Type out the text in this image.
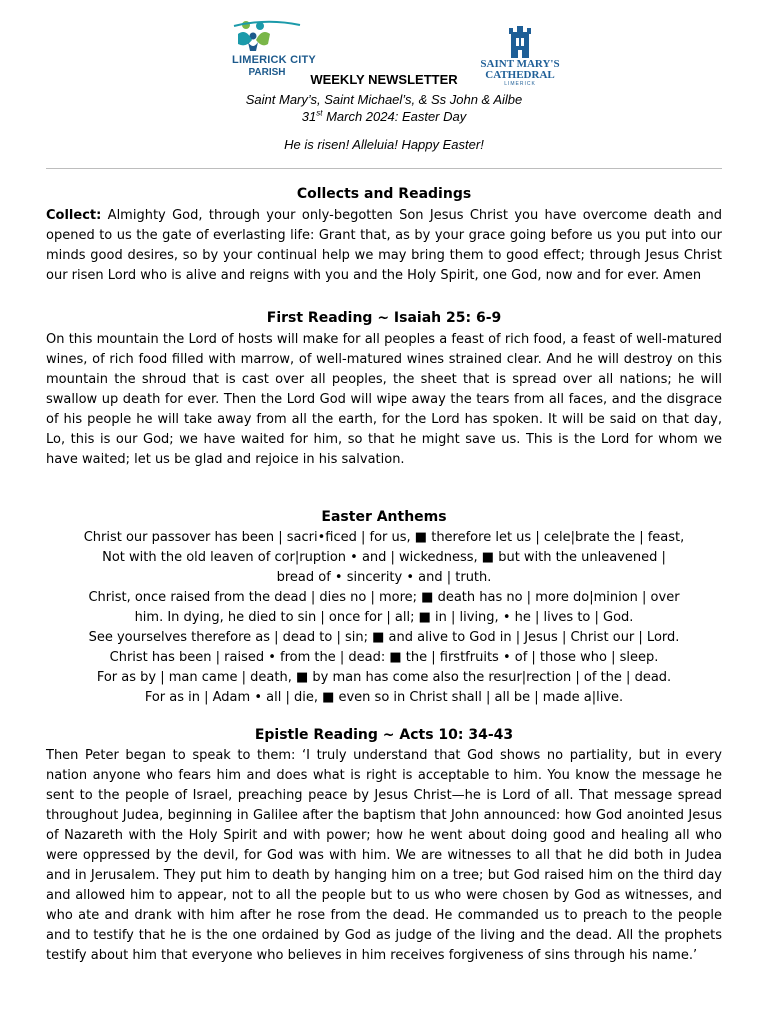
LIMERICK CITY
PARISH
SAINT MARY'S
CATHEDRAL
LIMERICK
WEEKLY NEWSLETTER
Saint Mary’s, Saint Michael’s, & Ss John & Ailbe
31st March 2024: Easter Day
He is risen! Alleluia! Happy Easter!
Collects and Readings
Collect: Almighty God, through your only-begotten Son Jesus Christ you have overcome death and opened to us the gate of everlasting life: Grant that, as by your grace going before us you put into our minds good desires, so by your continual help we may bring them to good effect; through Jesus Christ our risen Lord who is alive and reigns with you and the Holy Spirit, one God, now and for ever. Amen
First Reading ~ Isaiah 25: 6-9
On this mountain the Lord of hosts will make for all peoples a feast of rich food, a feast of well-matured wines, of rich food filled with marrow, of well-matured wines strained clear. And he will destroy on this mountain the shroud that is cast over all peoples, the sheet that is spread over all nations; he will swallow up death for ever. Then the Lord God will wipe away the tears from all faces, and the disgrace of his people he will take away from all the earth, for the Lord has spoken. It will be said on that day, Lo, this is our God; we have waited for him, so that he might save us. This is the Lord for whom we have waited; let us be glad and rejoice in his salvation.
Easter Anthems
Christ our passover has been | sacri•ficed | for us, ■ therefore let us | cele|brate the | feast,
Not with the old leaven of cor|ruption • and | wickedness, ■ but with the unleavened |
bread of • sincerity • and | truth.
Christ, once raised from the dead | dies no | more; ■ death has no | more do|minion | over
him. In dying, he died to sin | once for | all; ■ in | living, • he | lives to | God.
See yourselves therefore as | dead to | sin; ■ and alive to God in | Jesus | Christ our | Lord.
Christ has been | raised • from the | dead: ■ the | firstfruits • of | those who | sleep.
For as by | man came | death, ■ by man has come also the resur|rection | of the | dead.
For as in | Adam • all | die, ■ even so in Christ shall | all be | made a|live.
Epistle Reading ~ Acts 10: 34-43
Then Peter began to speak to them: ‘I truly understand that God shows no partiality, but in every nation anyone who fears him and does what is right is acceptable to him. You know the message he sent to the people of Israel, preaching peace by Jesus Christ—he is Lord of all. That message spread throughout Judea, beginning in Galilee after the baptism that John announced: how God anointed Jesus of Nazareth with the Holy Spirit and with power; how he went about doing good and healing all who were oppressed by the devil, for God was with him. We are witnesses to all that he did both in Judea and in Jerusalem. They put him to death by hanging him on a tree; but God raised him on the third day and allowed him to appear, not to all the people but to us who were chosen by God as witnesses, and who ate and drank with him after he rose from the dead. He commanded us to preach to the people and to testify that he is the one ordained by God as judge of the living and the dead. All the prophets testify about him that everyone who believes in him receives forgiveness of sins through his name.’
